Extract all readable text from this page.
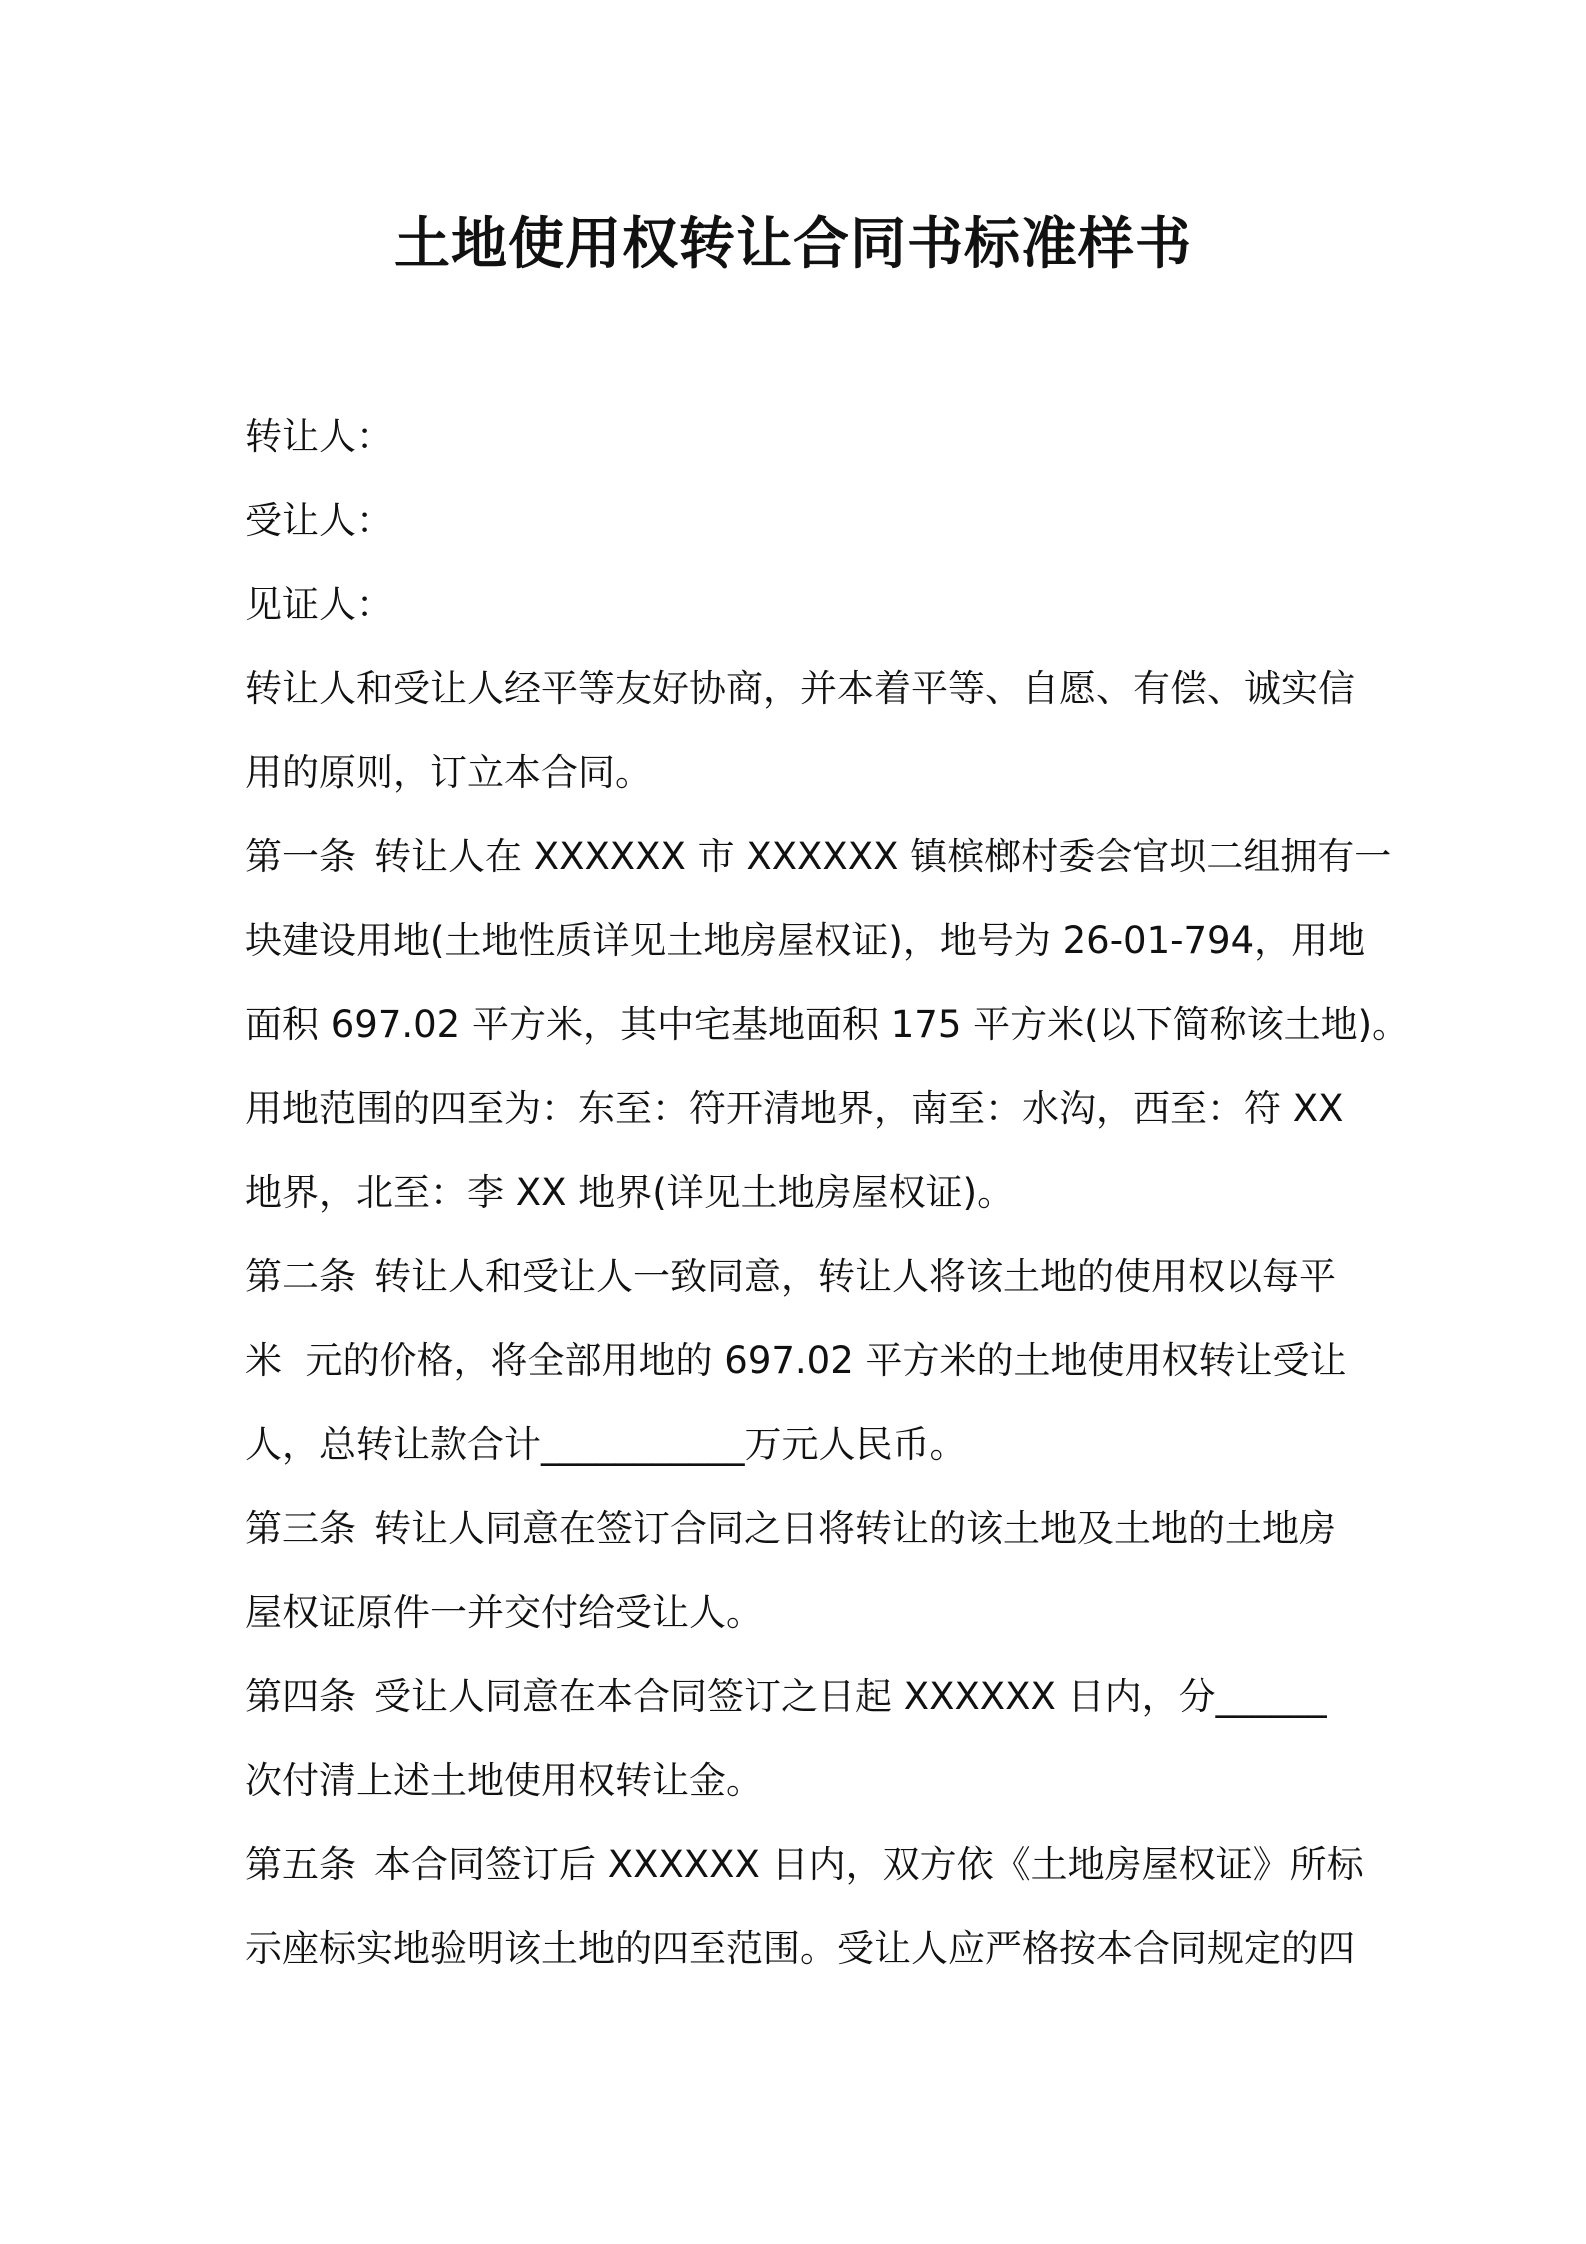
土地使用权转让合同书标准样书

转让人：

受让人：

见证人：

转让人和受让人经平等友好协商，并本着平等、自愿、有偿、诚实信

用的原则，订立本合同。

第一条 转让人在 XXXXXX 市 XXXXXX 镇槟榔村委会官坝二组拥有一

块建设用地(土地性质详见土地房屋权证)，地号为 26-01-794，用地

面积 697.02 平方米，其中宅基地面积 175 平方米(以下简称该土地)。

用地范围的四至为：东至：符开清地界，南至：水沟，西至：符 XX

地界，北至：李 XX 地界(详见土地房屋权证)。

第二条 转让人和受让人一致同意，转让人将该土地的使用权以每平

米  元的价格，将全部用地的 697.02 平方米的土地使用权转让受让

人，总转让款合计___________万元人民币。

第三条 转让人同意在签订合同之日将转让的该土地及土地的土地房

屋权证原件一并交付给受让人。

第四条 受让人同意在本合同签订之日起 XXXXXX 日内，分______

次付清上述土地使用权转让金。

第五条 本合同签订后 XXXXXX 日内，双方依《土地房屋权证》所标

示座标实地验明该土地的四至范围。受让人应严格按本合同规定的四
